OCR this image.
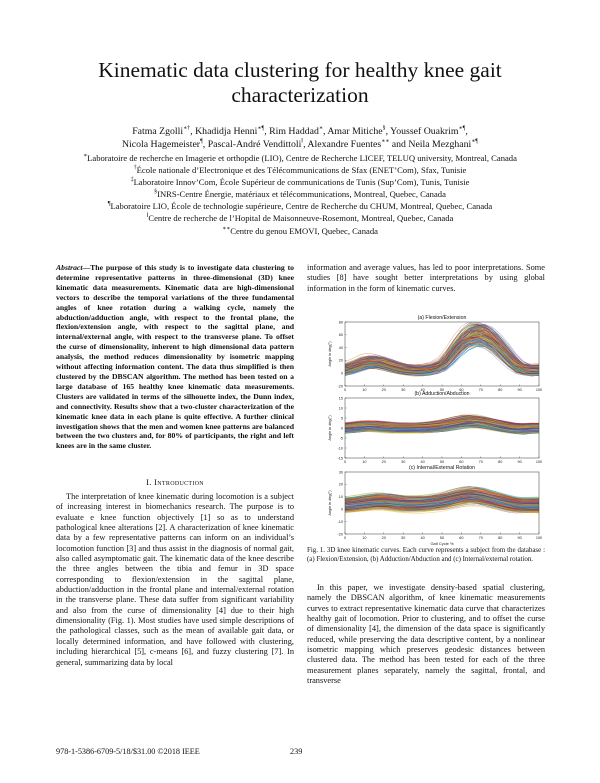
Kinematic data clustering for healthy knee gait
characterization
Fatma Zgolli∗†, Khadidja Henni∗¶, Rim Haddad∗, Amar Mitiche§, Youssef Ouakrim∗¶,
Nicola Hagemeister¶, Pascal-André Vendittoli‖, Alexandre Fuentes∗∗ and Neila Mezghani∗¶
∗Laboratoire de recherche en Imagerie et orthopdie (LIO), Centre de Recherche LICEF, TELUQ university, Montreal, Canada
†École nationale d’Electronique et des Télécommunications de Sfax (ENET’Com), Sfax, Tunisie
‡Laboratoire Innov’Com, École Supérieur de communications de Tunis (Sup’Com), Tunis, Tunisie
§INRS-Centre Énergie, matériaux et télécommunications, Montreal, Quebec, Canada
¶Laboratoire LIO, École de technologie supérieure, Centre de Recherche du CHUM, Montreal, Quebec, Canada
‖Centre de recherche de l’Hopital de Maisonneuve-Rosemont, Montreal, Quebec, Canada
∗∗Centre du genou EMOVI, Quebec, Canada
Abstract—The purpose of this study is to investigate data clustering to determine representative patterns in three-dimensional (3D) knee kinematic data measurements. Kinematic data are high-dimensional vectors to describe the temporal variations of the three fundamental angles of knee rotation during a walking cycle, namely the abduction/adduction angle, with respect to the frontal plane, the flexion/extension angle, with respect to the sagittal plane, and internal/external angle, with respect to the transverse plane. To offset the curse of dimensionality, inherent to high dimensional data pattern analysis, the method reduces dimensionality by isometric mapping without affecting information content. The data thus simplified is then clustered by the DBSCAN algorithm. The method has been tested on a large database of 165 healthy knee kinematic data measurements. Clusters are validated in terms of the silhouette index, the Dunn index, and connectivity. Results show that a two-cluster characterization of the kinematic knee data in each plane is quite effective. A further clinical investigation shows that the men and women knee patterns are balanced between the two clusters and, for 80% of participants, the right and left knees are in the same cluster.
I. Introduction

The interpretation of knee kinematic during locomotion is a subject of increasing interest in biomechanics research. The purpose is to evaluate e knee function objectively [1] so as to understand pathological knee alterations [2]. A characterization of knee kinematic data by a few representative patterns can inform on an individual’s locomotion function [3] and thus assist in the diagnosis of normal gait, also called asymptomatic gait. The kinematic data of the knee describe the three angles between the tibia and femur in 3D space corresponding to flexion/extension in the sagittal plane, abduction/adduction in the frontal plane and internal/external rotation in the transverse plane. These data suffer from significant variability and also from the curse of dimensionality [4] due to their high dimensionality (Fig. 1). Most studies have used simple descriptions of the pathological classes, such as the mean of available gait data, or locally determined information, and have followed with clustering, including hierarchical [5], c-means [6], and fuzzy clustering [7]. In general, summarizing data by local

information and average values, has led to poor interpretations. Some studies [8] have sought better interpretations by using global information in the form of kinematic curves.

(a) Flexion/Extension
0	10	20	30	40	50	60	70	80	90	100
80
60
40
20
0
-20
Angle in deg(°)
(b) Adduction/Abduction
0	10	20	30	40	50	60	70	80	90	100
15
10
5
0
-5
-10
-15
Angle in deg(°)
(c) Internal/External Rotation
0	10	20	30	40	50	60	70	80	90	100
30
20
10
0
-10
-20
Angle in deg(°)
Gait Cycle %

Fig. 1. 3D knee kinematic curves. Each curve represents a subject from the database : (a) Flexion/Extension, (b) Adduction/Abduction and (c) Internal/external rotation.

In this paper, we investigate density-based spatial clustering, namely the DBSCAN algorithm, of knee kinematic measurements curves to extract representative kinematic data curve that characterizes healthy gait of locomotion. Prior to clustering, and to offset the curse of dimensionality [4], the dimension of the data space is significantly reduced, while preserving the data descriptive content, by a nonlinear isometric mapping which preserves geodesic distances between clustered data. The method has been tested for each of the three measurement planes separately, namely the sagittal, frontal, and transverse

978-1-5386-6709-5/18/$31.00 ©2018 IEEE	239
